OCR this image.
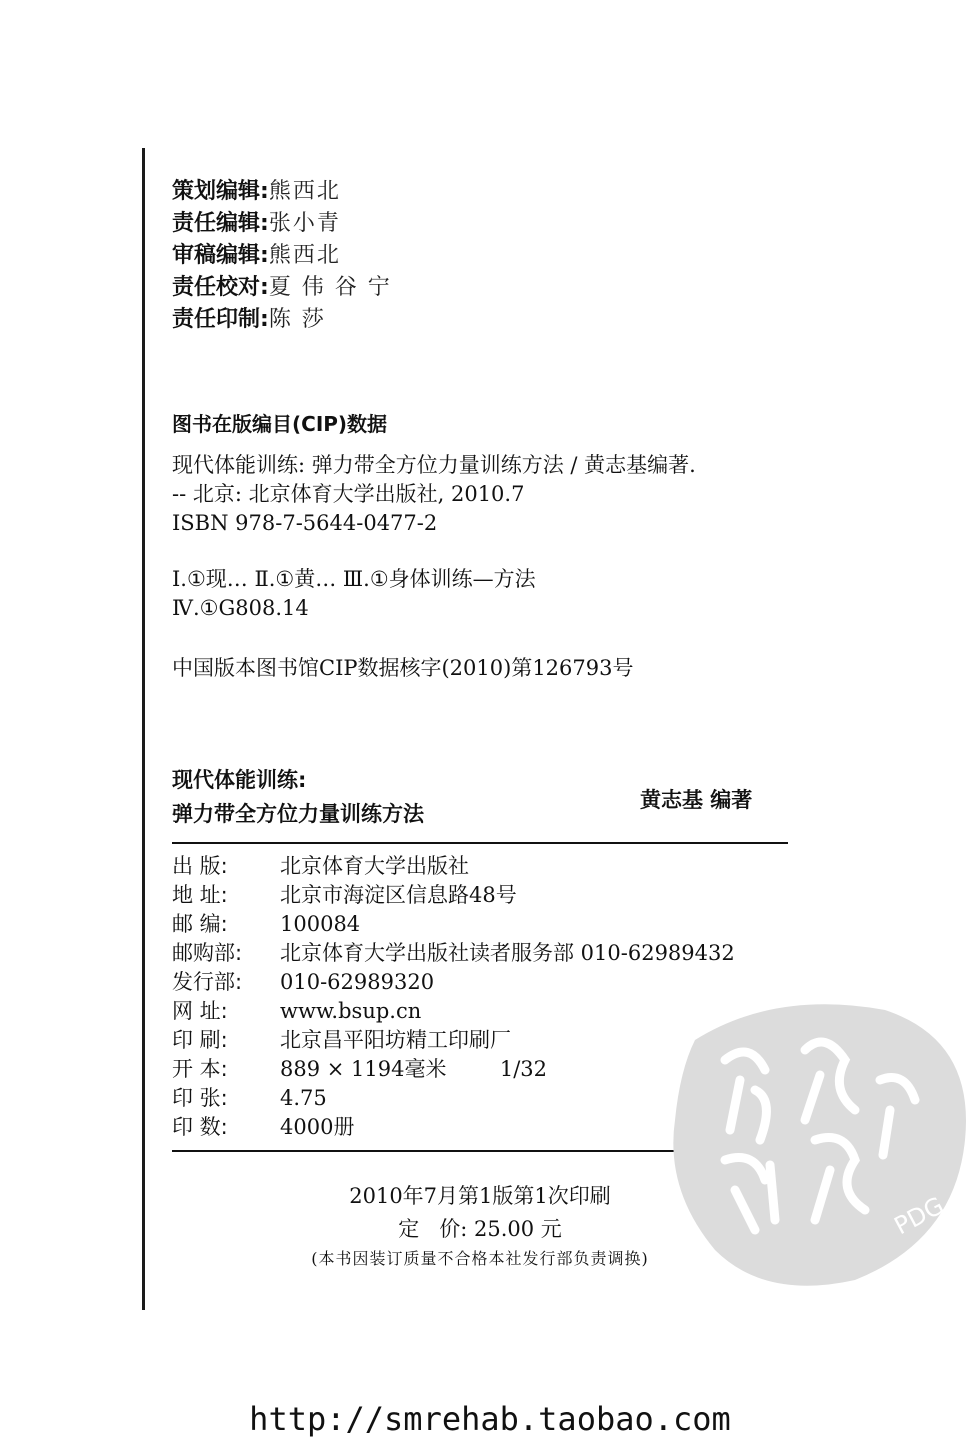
策划编辑:熊西北
责任编辑:张小青
审稿编辑:熊西北
责任校对:夏 伟 谷 宁
责任印制:陈 莎
图书在版编目(CIP)数据
现代体能训练: 弹力带全方位力量训练方法 / 黄志基编著.
-- 北京: 北京体育大学出版社, 2010.7
ISBN 978-7-5644-0477-2
Ⅰ.①现… Ⅱ.①黄… Ⅲ.①身体训练—方法
Ⅳ.①G808.14
中国版本图书馆CIP数据核字(2010)第126793号
现代体能训练:
弹力带全方位力量训练方法
黄志基 编著
出 版:	北京体育大学出版社
地 址:	北京市海淀区信息路48号
邮 编:	100084
邮购部:	北京体育大学出版社读者服务部 010-62989432
发行部:	010-62989320
网 址:	www.bsup.cn
印 刷:	北京昌平阳坊精工印刷厂
开 本:	889 × 1194毫米        1/32
印 张:	4.75
印 数:	4000册
2010年7月第1版第1次印刷
定   价: 25.00 元
(本书因装订质量不合格本社发行部负责调换)
PDG
http://smrehab.taobao.com
